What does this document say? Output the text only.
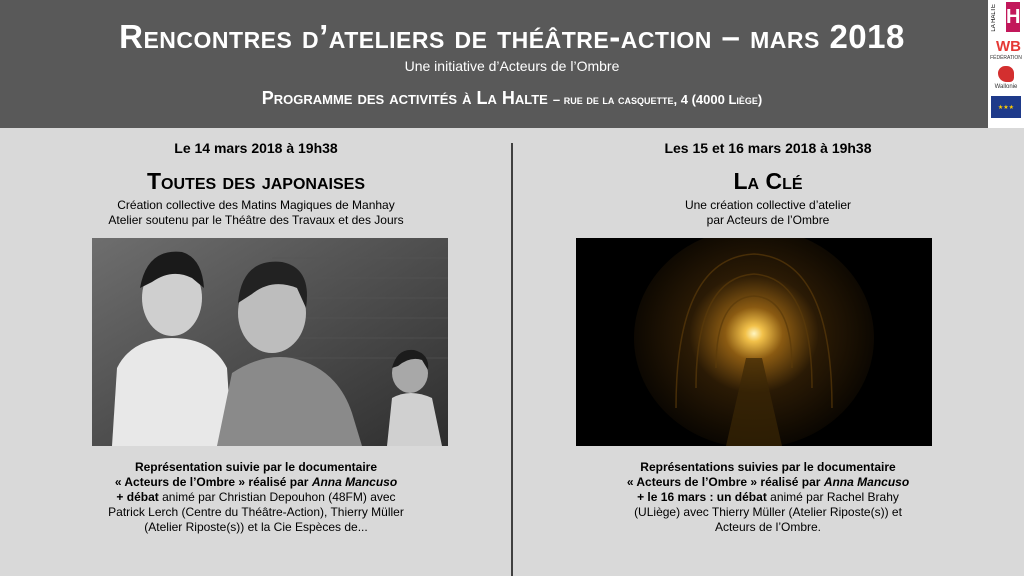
Rencontres d’ateliers de théâtre-action – mars 2018
Une initiative d’Acteurs de l’Ombre
Programme des activités à La Halte – rue de la casquette, 4 (4000 Liège)
LA HALTE H
WB
FÉDÉRATION
Wallonie
★★★
Le 14 mars 2018 à 19h38
Toutes des japonaises
Création collective des Matins Magiques de Manhay
Atelier soutenu par le Théâtre des Travaux et des Jours
Représentation suivie par le documentaire
« Acteurs de l’Ombre » réalisé par Anna Mancuso
+ débat animé par Christian Depouhon (48FM) avec
Patrick Lerch (Centre du Théâtre-Action), Thierry Müller
(Atelier Riposte(s)) et la Cie Espèces de...
Les 15 et 16 mars 2018 à 19h38
La Clé
Une création collective d’atelier
par Acteurs de l’Ombre
Représentations suivies par le documentaire
« Acteurs de l’Ombre » réalisé par Anna Mancuso
+ le 16 mars : un débat animé par Rachel Brahy
(ULiège) avec Thierry Müller (Atelier Riposte(s)) et
Acteurs de l’Ombre.
